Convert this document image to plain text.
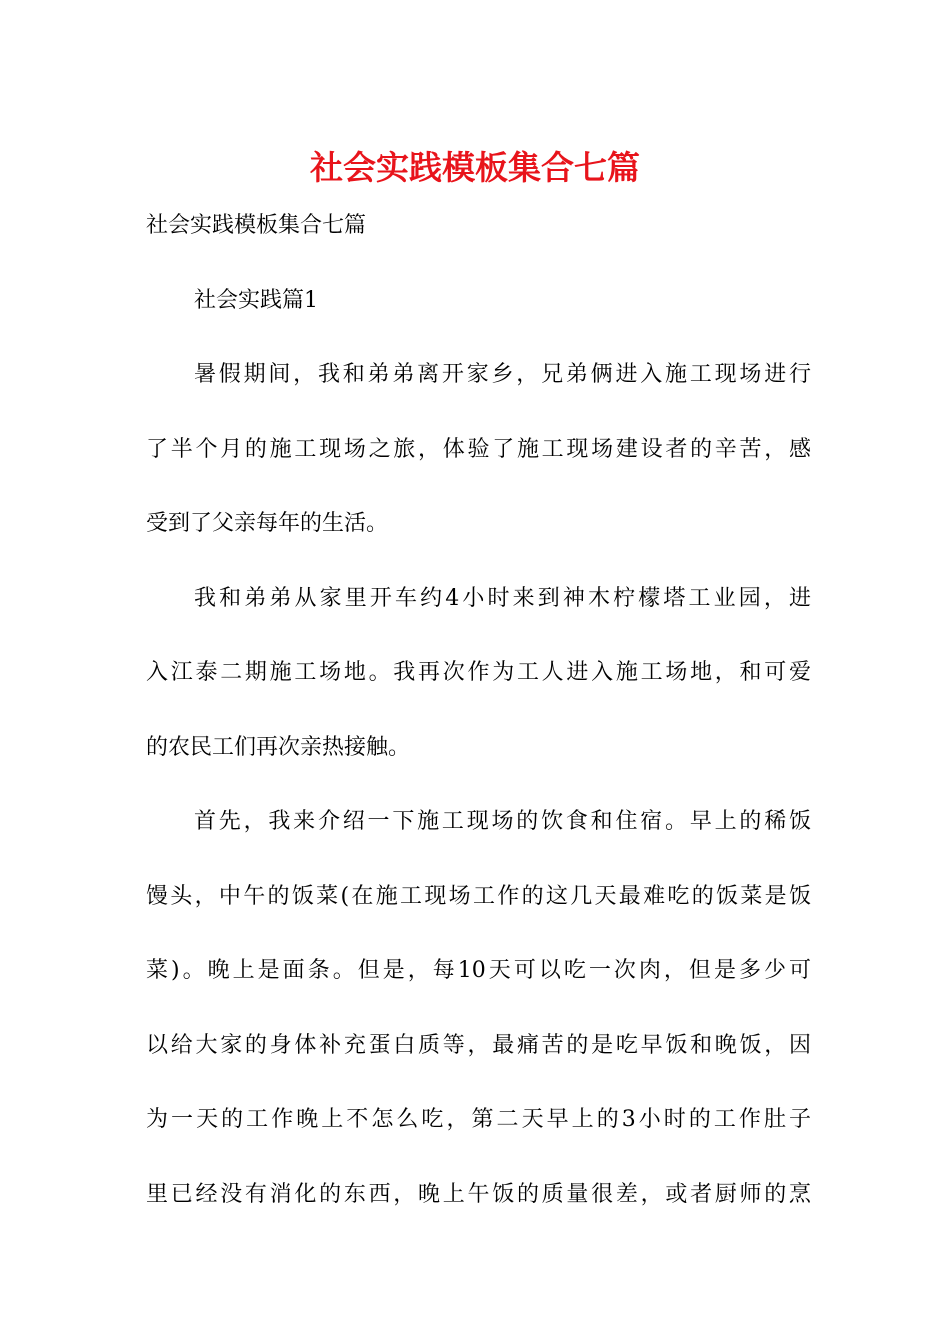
社会实践模板集合七篇
社会实践模板集合七篇
社会实践篇1
暑假期间，我和弟弟离开家乡，兄弟俩进入施工现场进行
了半个月的施工现场之旅，体验了施工现场建设者的辛苦，感
受到了父亲每年的生活。
我和弟弟从家里开车约4小时来到神木柠檬塔工业园，进
入江泰二期施工场地。我再次作为工人进入施工场地，和可爱
的农民工们再次亲热接触。
首先，我来介绍一下施工现场的饮食和住宿。早上的稀饭
馒头，中午的饭菜(在施工现场工作的这几天最难吃的饭菜是饭
菜)。晚上是面条。但是，每10天可以吃一次肉，但是多少可
以给大家的身体补充蛋白质等，最痛苦的是吃早饭和晚饭，因
为一天的工作晚上不怎么吃，第二天早上的3小时的工作肚子
里已经没有消化的东西，晚上午饭的质量很差，或者厨师的烹
